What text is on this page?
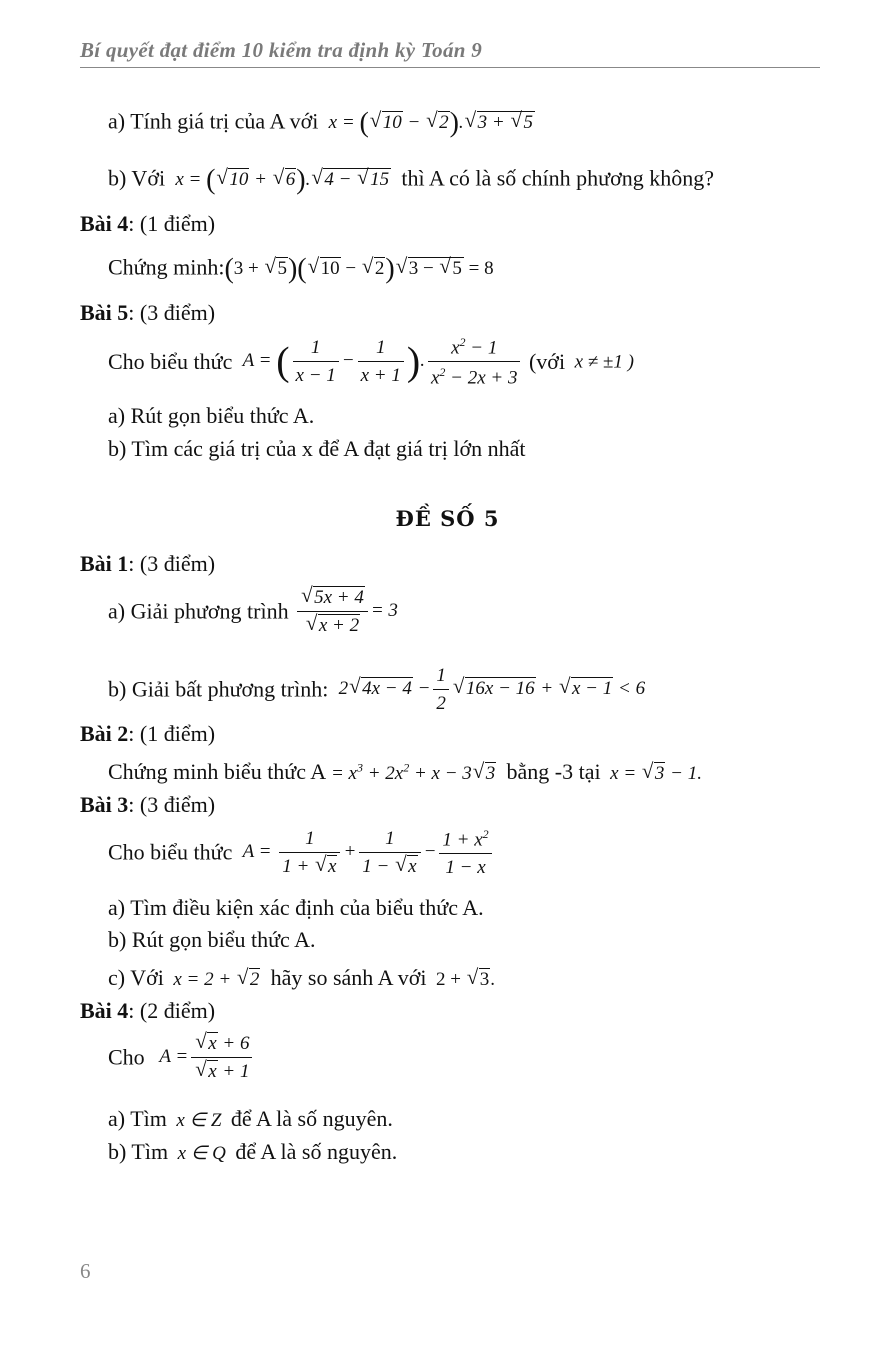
Bí quyết đạt điểm 10 kiểm tra định kỳ Toán 9
a) Tính giá trị của A với  x = (√ 10 − √ 2).√ 3 + √ 5
b) Với  x = (√ 10 + √ 6).√ 4 − √ 15 thì A có là số chính phương không?
Bài 4: (1 điểm)
Chứng minh:(3 + √ 5)(√ 10 − √ 2)√ 3 − √ 5 = 8
Bài 5: (3 điểm)
Cho biểu thức  A = ( $\frac{1}{x - 1} - \frac{1}{x + 1}$ ). $\frac{x^2 - 1}{x^2 - 2x + 3}$ (với  x ≠ ±1 )
a) Rút gọn biểu thức A.
b) Tìm các giá trị của x để A đạt giá trị lớn nhất
ĐỀ SỐ 5
Bài 1: (3 điểm)
a) Giải phương trình
√ 5x + 4
√ x + 2 = 3
b) Giải bất phương trình:  2√ $4x - 4 - \frac{1}{2}$
√ 16x − 16 + √ x − 1 < 6
Bài 2: (1 điểm)
Chứng minh biểu thức $A = x^3 + 2x^2 + x - 3√$ 3 bằng -3 tại  x = √ 3 − 1.
Bài 3: (3 điểm)
Cho biểu thức  $A = \frac{1}{1 + √ x} + \frac{1}{1 - √ x} - \frac{1 + x^2}{1 - x}$
a) Tìm điều kiện xác định của biểu thức A.
b) Rút gọn biểu thức A.
c) Với  x = 2 + √ 2 hãy so sánh A với  2 + √ 3.
Bài 4: (2 điểm)
Cho   A =
√ x + 6
√ x + 1
a) Tìm  x ∈ Z  để A là số nguyên.
b) Tìm  x ∈ Q  để A là số nguyên.
6
